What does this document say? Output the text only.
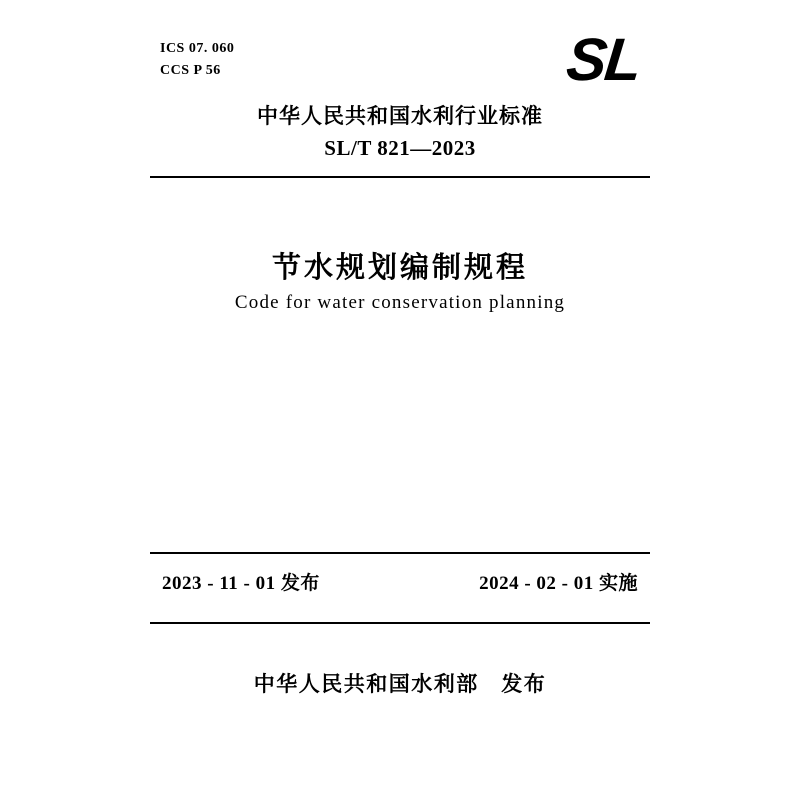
ICS 07. 060
CCS P 56	SL
中华人民共和国水利行业标准
SL/T 821—2023
节水规划编制规程
Code for water conservation planning
2023 - 11 - 01 发布	2024 - 02 - 01 实施
中华人民共和国水利部　发布
